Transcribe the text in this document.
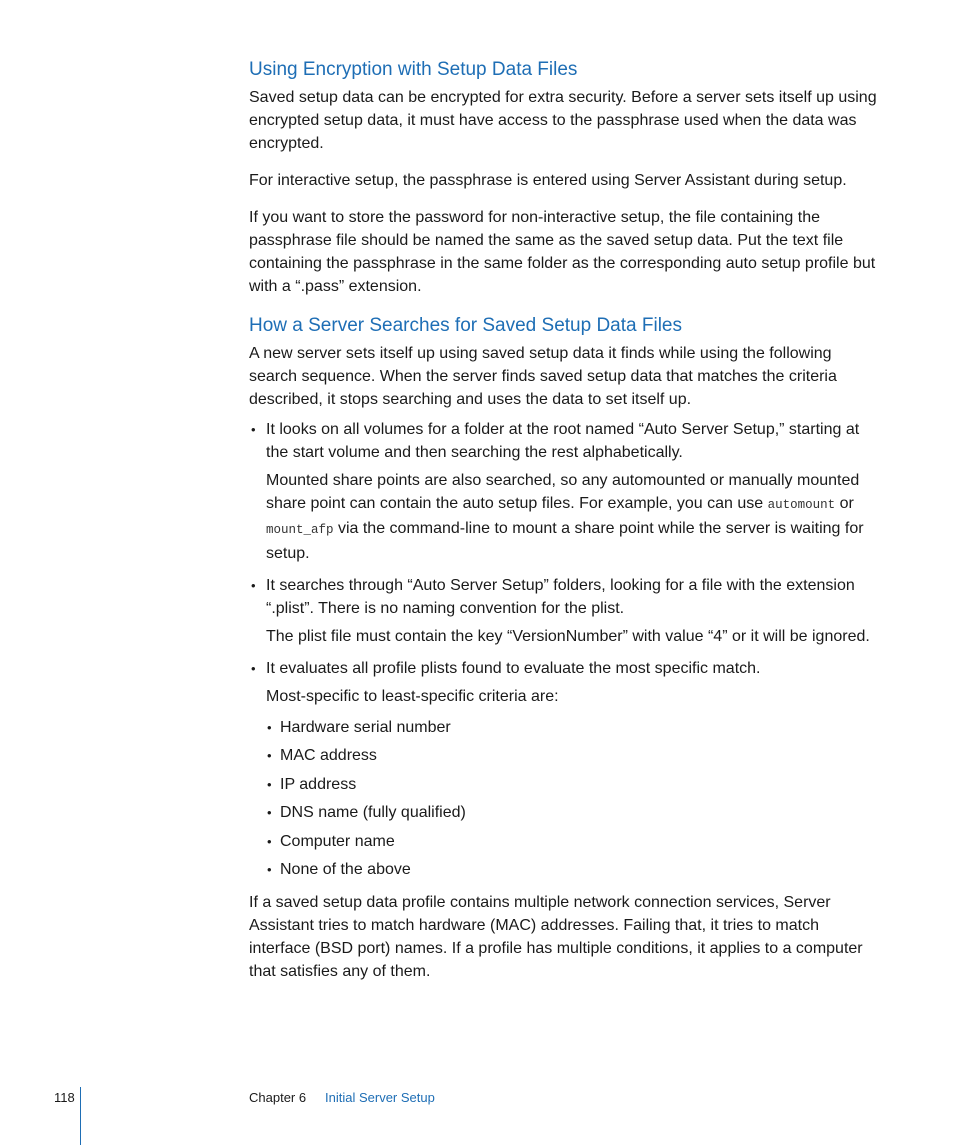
Using Encryption with Setup Data Files

Saved setup data can be encrypted for extra security. Before a server sets itself up using encrypted setup data, it must have access to the passphrase used when the data was encrypted.

For interactive setup, the passphrase is entered using Server Assistant during setup.

If you want to store the password for non-interactive setup, the file containing the passphrase file should be named the same as the saved setup data. Put the text file containing the passphrase in the same folder as the corresponding auto setup profile but with a “.pass” extension.

How a Server Searches for Saved Setup Data Files

A new server sets itself up using saved setup data it finds while using the following search sequence. When the server finds saved setup data that matches the criteria described, it stops searching and uses the data to set itself up.

• It looks on all volumes for a folder at the root named “Auto Server Setup,” starting at the start volume and then searching the rest alphabetically.

Mounted share points are also searched, so any automounted or manually mounted share point can contain the auto setup files. For example, you can use automount or mount_afp via the command-line to mount a share point while the server is waiting for setup.

• It searches through “Auto Server Setup” folders, looking for a file with the extension “.plist”. There is no naming convention for the plist.

The plist file must contain the key “VersionNumber” with value “4” or it will be ignored.

• It evaluates all profile plists found to evaluate the most specific match.

Most-specific to least-specific criteria are:

• Hardware serial number
• MAC address
• IP address
• DNS name (fully qualified)
• Computer name
• None of the above

If a saved setup data profile contains multiple network connection services, Server Assistant tries to match hardware (MAC) addresses. Failing that, it tries to match interface (BSD port) names. If a profile has multiple conditions, it applies to a computer that satisfies any of them.

118	Chapter 6 Initial Server Setup
